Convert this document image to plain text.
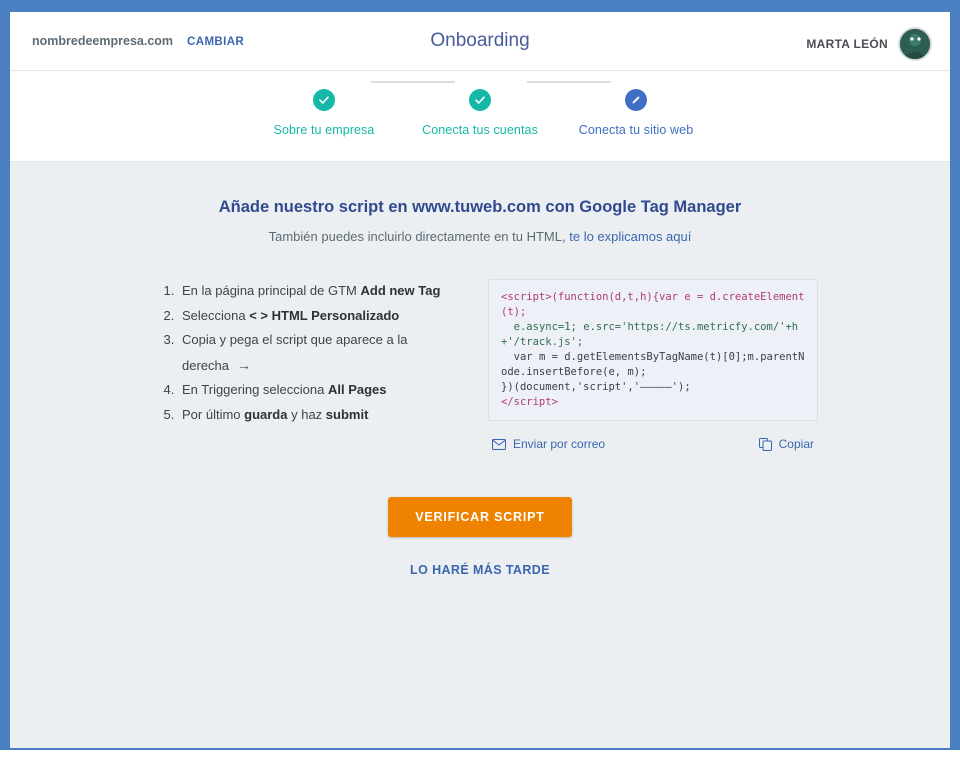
nombredeempresa.com CAMBIAR	Onboarding	MARTA LEÓN
Sobre tu empresa	Conecta tus cuentas	Conecta tu sitio web
Añade nuestro script en www.tuweb.com con Google Tag Manager
También puedes incluirlo directamente en tu HTML, te lo explicamos aquí
1. En la página principal de GTM Add new Tag
2. Selecciona < > HTML Personalizado
3. Copia y pega el script que aparece a la derecha →
4. En Triggering selecciona All Pages
5. Por último guarda y haz submit
<script>(function(d,t,h){var e = d.createElement(t);
e.async=1; e.src='https://ts.metricfy.com/'+h+'/track.js';
var m = d.getElementsByTagName(t)[0];m.parentNode.insertBefore(e, m);
})(document,'script','—————');
</script>
Enviar por correo	Copiar
VERIFICAR SCRIPT
LO HARÉ MÁS TARDE
